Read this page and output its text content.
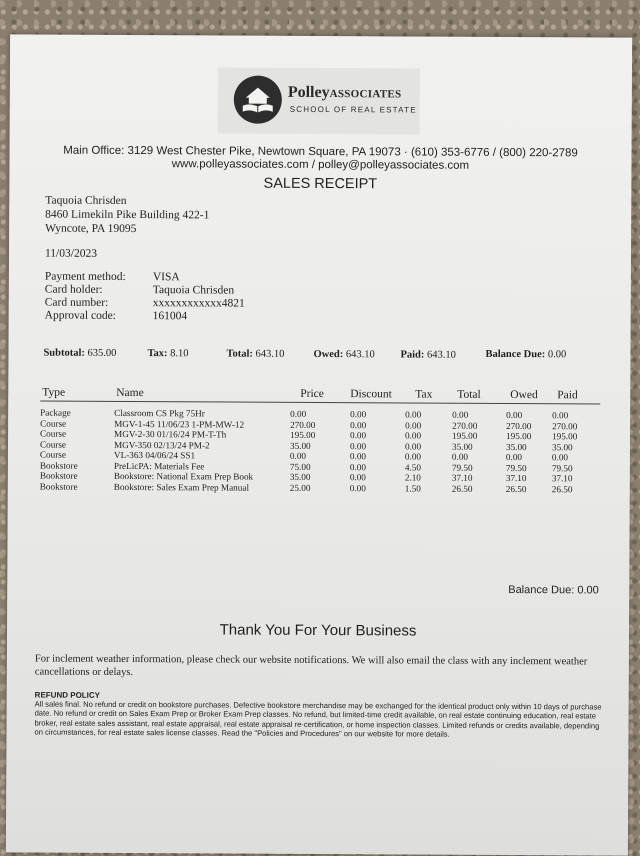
PolleyASSOCIATES
SCHOOL OF REAL ESTATE
Main Office: 3129 West Chester Pike, Newtown Square, PA 19073 · (610) 353-6776 / (800) 220-2789
www.polleyassociates.com / polley@polleyassociates.com
SALES RECEIPT
Taquoia Chrisden
8460 Limekiln Pike Building 422-1
Wyncote, PA 19095
11/03/2023
Payment method: VISA
Card holder:	Taquoia Chrisden
Card number:	xxxxxxxxxxxx4821
Approval code:	161004
Subtotal: 635.00	Tax: 8.10	Total: 643.10	Owed: 643.10 Paid: 643.10	Balance Due: 0.00
Type	Name	Price Discount Tax Total	Owed Paid
Package	Classroom CS Pkg 75Hr	0.00	0.00	0.00	0.00	0.00	0.00
Course	MGV-1-45 11/06/23 1-PM-MW-12	270.00	0.00	0.00	270.00	270.00 270.00
Course	MGV-2-30 01/16/24 PM-T-Th	195.00	0.00	0.00	195.00	195.00 195.00
Course	MGV-350 02/13/24 PM-2	35.00	0.00	0.00	35.00	35.00	35.00
Course	VL-363 04/06/24 SS1	0.00	0.00	0.00	0.00	0.00	0.00
Bookstore	PreLicPA: Materials Fee	75.00	0.00	4.50	79.50	79.50	79.50
Bookstore	Bookstore: National Exam Prep Book	35.00	0.00	2.10	37.10	37.10	37.10
Bookstore	Bookstore: Sales Exam Prep Manual	25.00	0.00	1.50	26.50	26.50	26.50
Balance Due: 0.00
Thank You For Your Business
For inclement weather information, please check our website notifications. We will also email the class with any inclement weather cancellations or delays.
REFUND POLICY
All sales final. No refund or credit on bookstore purchases. Defective bookstore merchandise may be exchanged for the identical product only within 10 days of purchase date. No refund or credit on Sales Exam Prep or Broker Exam Prep classes. No refund, but limited-time credit available, on real estate continuing education, real estate broker, real estate sales assistant, real estate appraisal, real estate appraisal re-certification, or home inspection classes. Limited refunds or credits available, depending on circumstances, for real estate sales license classes. Read the "Policies and Procedures" on our website for more details.
